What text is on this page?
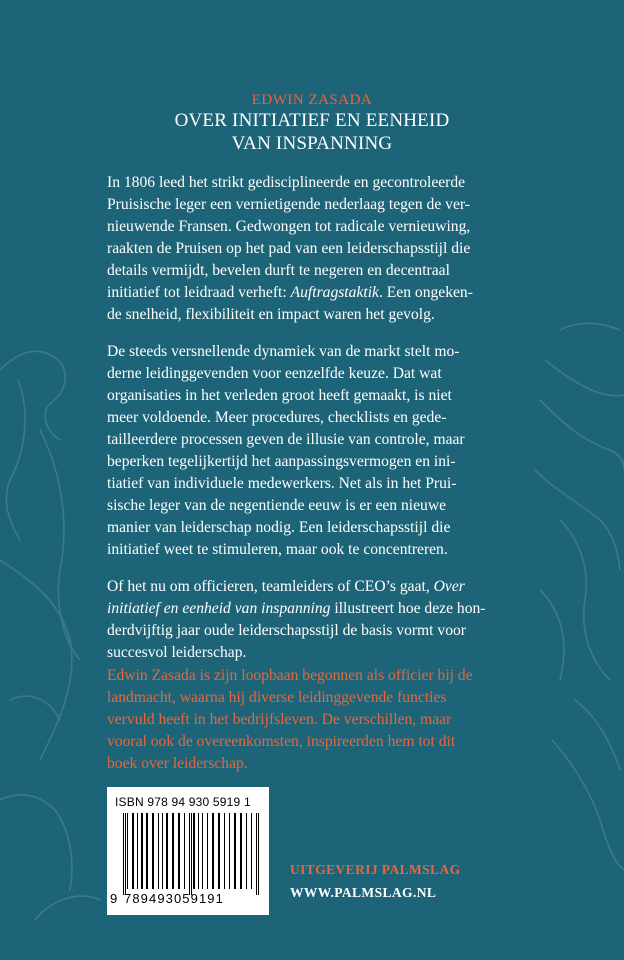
EDWIN ZASADA
OVER INITIATIEF EN EENHEID
VAN INSPANNING
In 1806 leed het strikt gedisciplineerde en gecontroleerde
Pruisische leger een vernietigende nederlaag tegen de ver-
nieuwende Fransen. Gedwongen tot radicale vernieuwing,
raakten de Pruisen op het pad van een leiderschapsstijl die
details vermijdt, bevelen durft te negeren en decentraal
initiatief tot leidraad verheft: Auftragstaktik. Een ongeken-
de snelheid, flexibiliteit en impact waren het gevolg.
De steeds versnellende dynamiek van de markt stelt mo-
derne leidinggevenden voor eenzelfde keuze. Dat wat
organisaties in het verleden groot heeft gemaakt, is niet
meer voldoende. Meer procedures, checklists en gede-
tailleerdere processen geven de illusie van controle, maar
beperken tegelijkertijd het aanpassingsvermogen en ini-
tiatief van individuele medewerkers. Net als in het Prui-
sische leger van de negentiende eeuw is er een nieuwe
manier van leiderschap nodig. Een leiderschapsstijl die
initiatief weet te stimuleren, maar ook te concentreren.
Of het nu om officieren, teamleiders of CEO’s gaat, Over
initiatief en eenheid van inspanning illustreert hoe deze hon-
derdvijftig jaar oude leiderschapsstijl de basis vormt voor
succesvol leiderschap.
Edwin Zasada is zijn loopbaan begonnen als officier bij de
landmacht, waarna hij diverse leidinggevende functies
vervuld heeft in het bedrijfsleven. De verschillen, maar
vooral ook de overeenkomsten, inspireerden hem tot dit
boek over leiderschap.
ISBN 978 94 930 5919 1
9 789493059191
UITGEVERIJ PALMSLAG
WWW.PALMSLAG.NL
